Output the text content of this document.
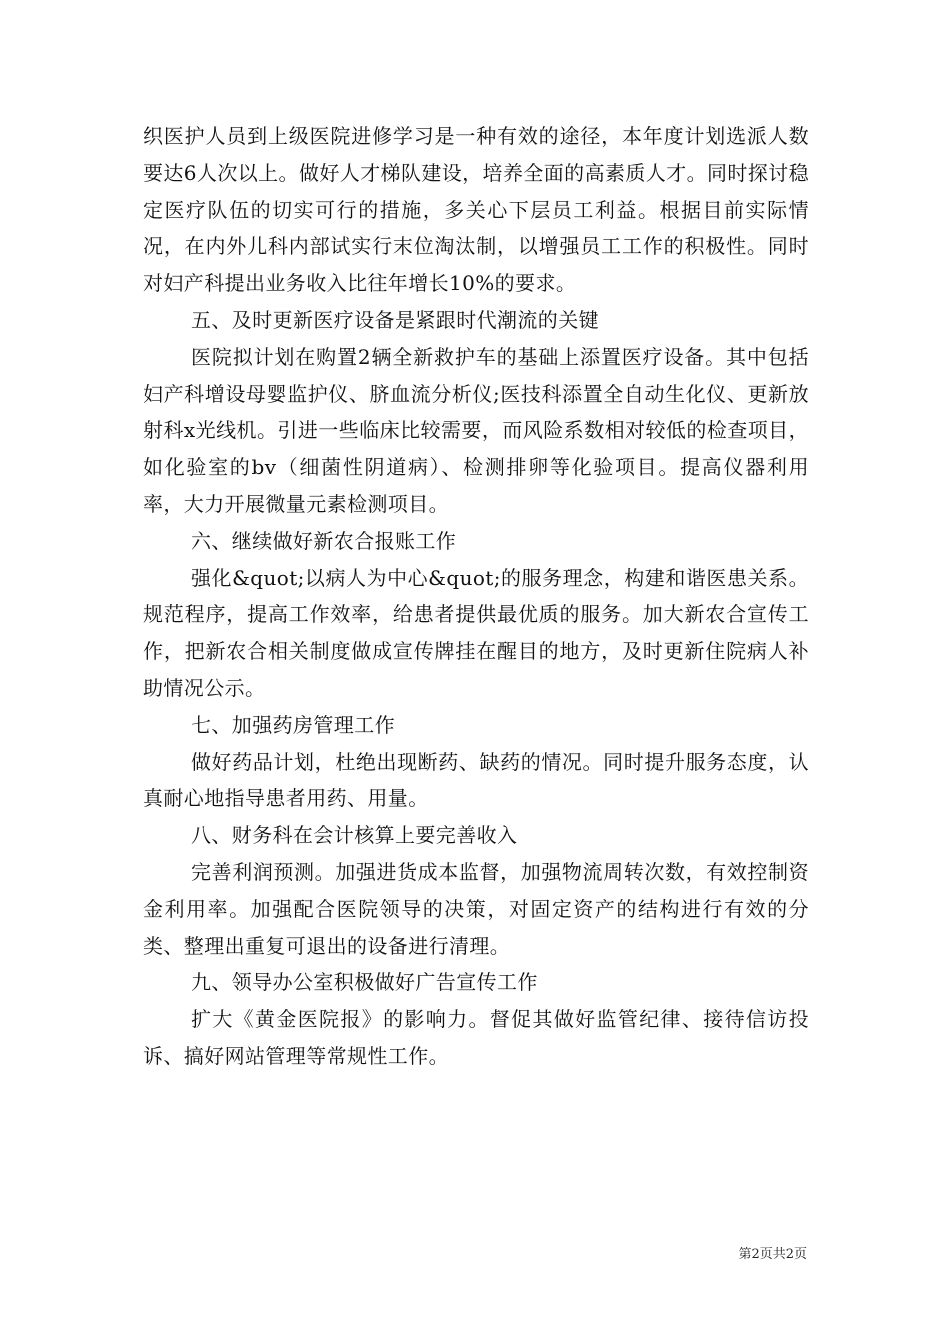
织医护人员到上级医院进修学习是一种有效的途径，本年度计划选派人数要达6人次以上。做好人才梯队建设，培养全面的高素质人才。同时探讨稳定医疗队伍的切实可行的措施，多关心下层员工利益。根据目前实际情况，在内外儿科内部试实行末位淘汰制，以增强员工工作的积极性。同时对妇产科提出业务收入比往年增长10%的要求。

五、及时更新医疗设备是紧跟时代潮流的关键

医院拟计划在购置2辆全新救护车的基础上添置医疗设备。其中包括妇产科增设母婴监护仪、脐血流分析仪;医技科添置全自动生化仪、更新放射科x光线机。引进一些临床比较需要，而风险系数相对较低的检查项目，如化验室的bv（细菌性阴道病）、检测排卵等化验项目。提高仪器利用率，大力开展微量元素检测项目。

六、继续做好新农合报账工作

强化&quot;以病人为中心&quot;的服务理念，构建和谐医患关系。规范程序，提高工作效率，给患者提供最优质的服务。加大新农合宣传工作，把新农合相关制度做成宣传牌挂在醒目的地方，及时更新住院病人补助情况公示。

七、加强药房管理工作

做好药品计划，杜绝出现断药、缺药的情况。同时提升服务态度，认真耐心地指导患者用药、用量。

八、财务科在会计核算上要完善收入

完善利润预测。加强进货成本监督，加强物流周转次数，有效控制资金利用率。加强配合医院领导的决策，对固定资产的结构进行有效的分类、整理出重复可退出的设备进行清理。

九、领导办公室积极做好广告宣传工作

扩大《黄金医院报》的影响力。督促其做好监管纪律、接待信访投诉、搞好网站管理等常规性工作。

第2页共2页
